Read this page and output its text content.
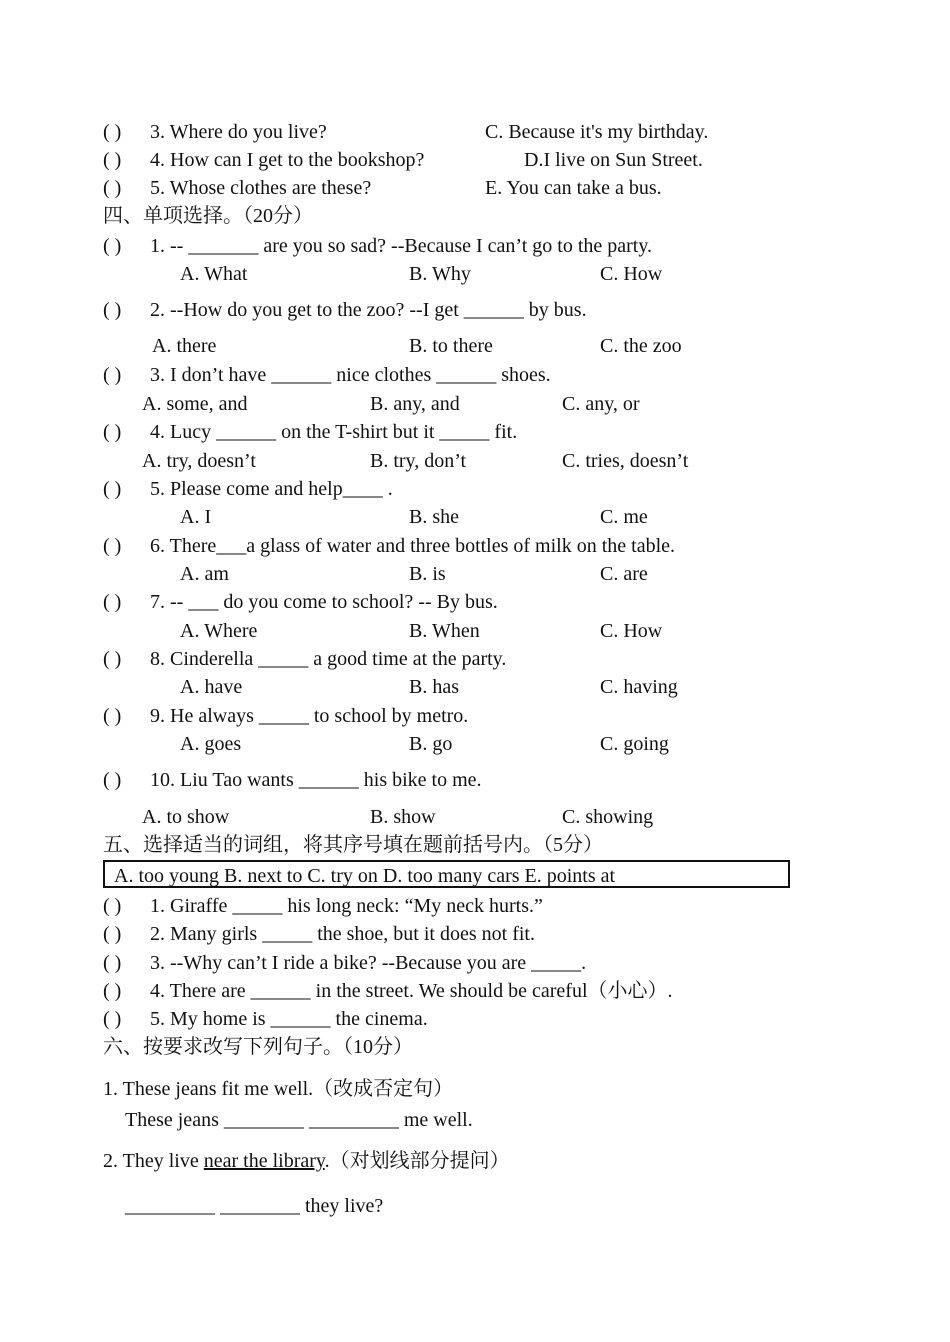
( ) 3. Where do you live?	C. Because it's my birthday.
( ) 4. How can I get to the bookshop?	D.I live on Sun Street.
( ) 5. Whose clothes are these?	E. You can take a bus.
四、单项选择。（20分）
( ) 1. -- _______ are you so sad? --Because I can’t go to the party.
A. What	B. Why	C. How
( ) 2. --How do you get to the zoo? --I get ______ by bus.
A. there	B. to there	C. the zoo
( ) 3. I don’t have ______ nice clothes ______ shoes.
A. some, and	B. any, and	C. any, or
( ) 4. Lucy ______ on the T-shirt but it _____ fit.
A. try, doesn’t	B. try, don’t	C. tries, doesn’t
( ) 5. Please come and help____ .
A. I	B. she	C. me
( ) 6. There___a glass of water and three bottles of milk on the table.
A. am	B. is	C. are
( ) 7. -- ___ do you come to school? -- By bus.
A. Where	B. When	C. How
( ) 8. Cinderella _____ a good time at the party.
A. have	B. has	C. having
( ) 9. He always _____ to school by metro.
A. goes	B. go	C. going
( ) 10. Liu Tao wants ______ his bike to me.
A. to show	B. show	C. showing
五、选择适当的词组，将其序号填在题前括号内。（5分）
A. too young B. next to C. try on D. too many cars E. points at
( ) 1. Giraffe _____ his long neck: “My neck hurts.”
( ) 2. Many girls _____ the shoe, but it does not fit.
( ) 3. --Why can’t I ride a bike? --Because you are _____.
( ) 4. There are ______ in the street. We should be careful（小心）.
( ) 5. My home is ______ the cinema.
六、按要求改写下列句子。（10分）
1. These jeans fit me well.（改成否定句）
These jeans ________ _________ me well.
2. They live near the library.（对划线部分提问）
_________ ________ they live?
